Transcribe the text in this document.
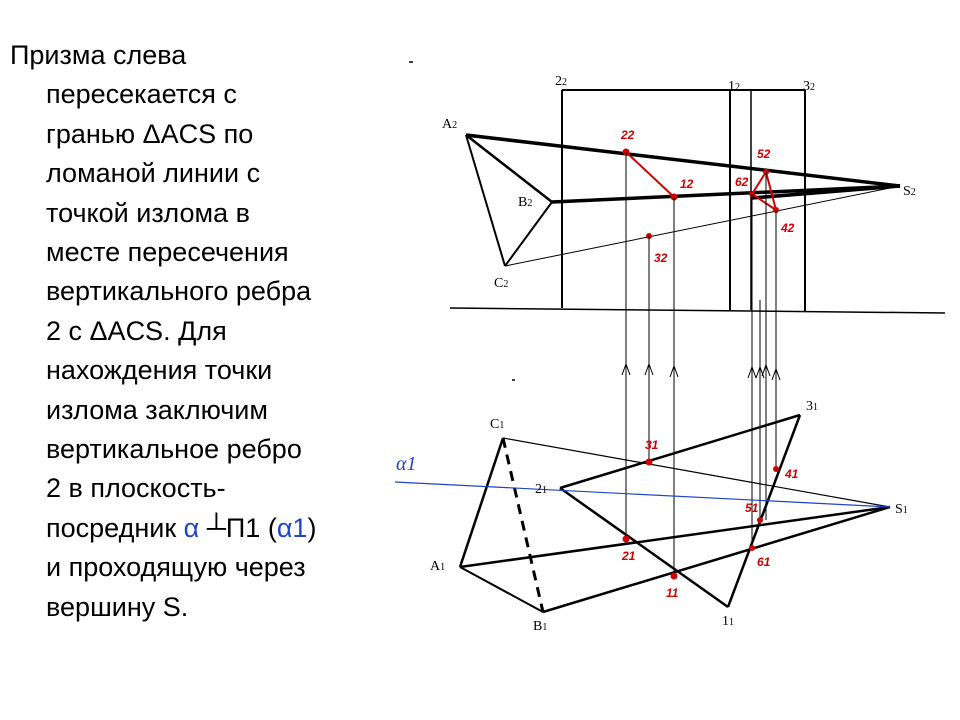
Призма слева
пересекается с
гранью ΔACS по
ломаной линии с
точкой излома в
месте пересечения
вертикального ребра
2 с ΔACS. Для
нахождения точки
излома заключим
вертикальное ребро
2 в плоскость-
посредник α ┴П1 (α1)
и проходящую через
вершину S.
A2
B2
C2
S2
22	12	32
C1
A1
B1
S1
21
31
11
22
12
32
52
62
42
31
21
11
41
51
61
α1
